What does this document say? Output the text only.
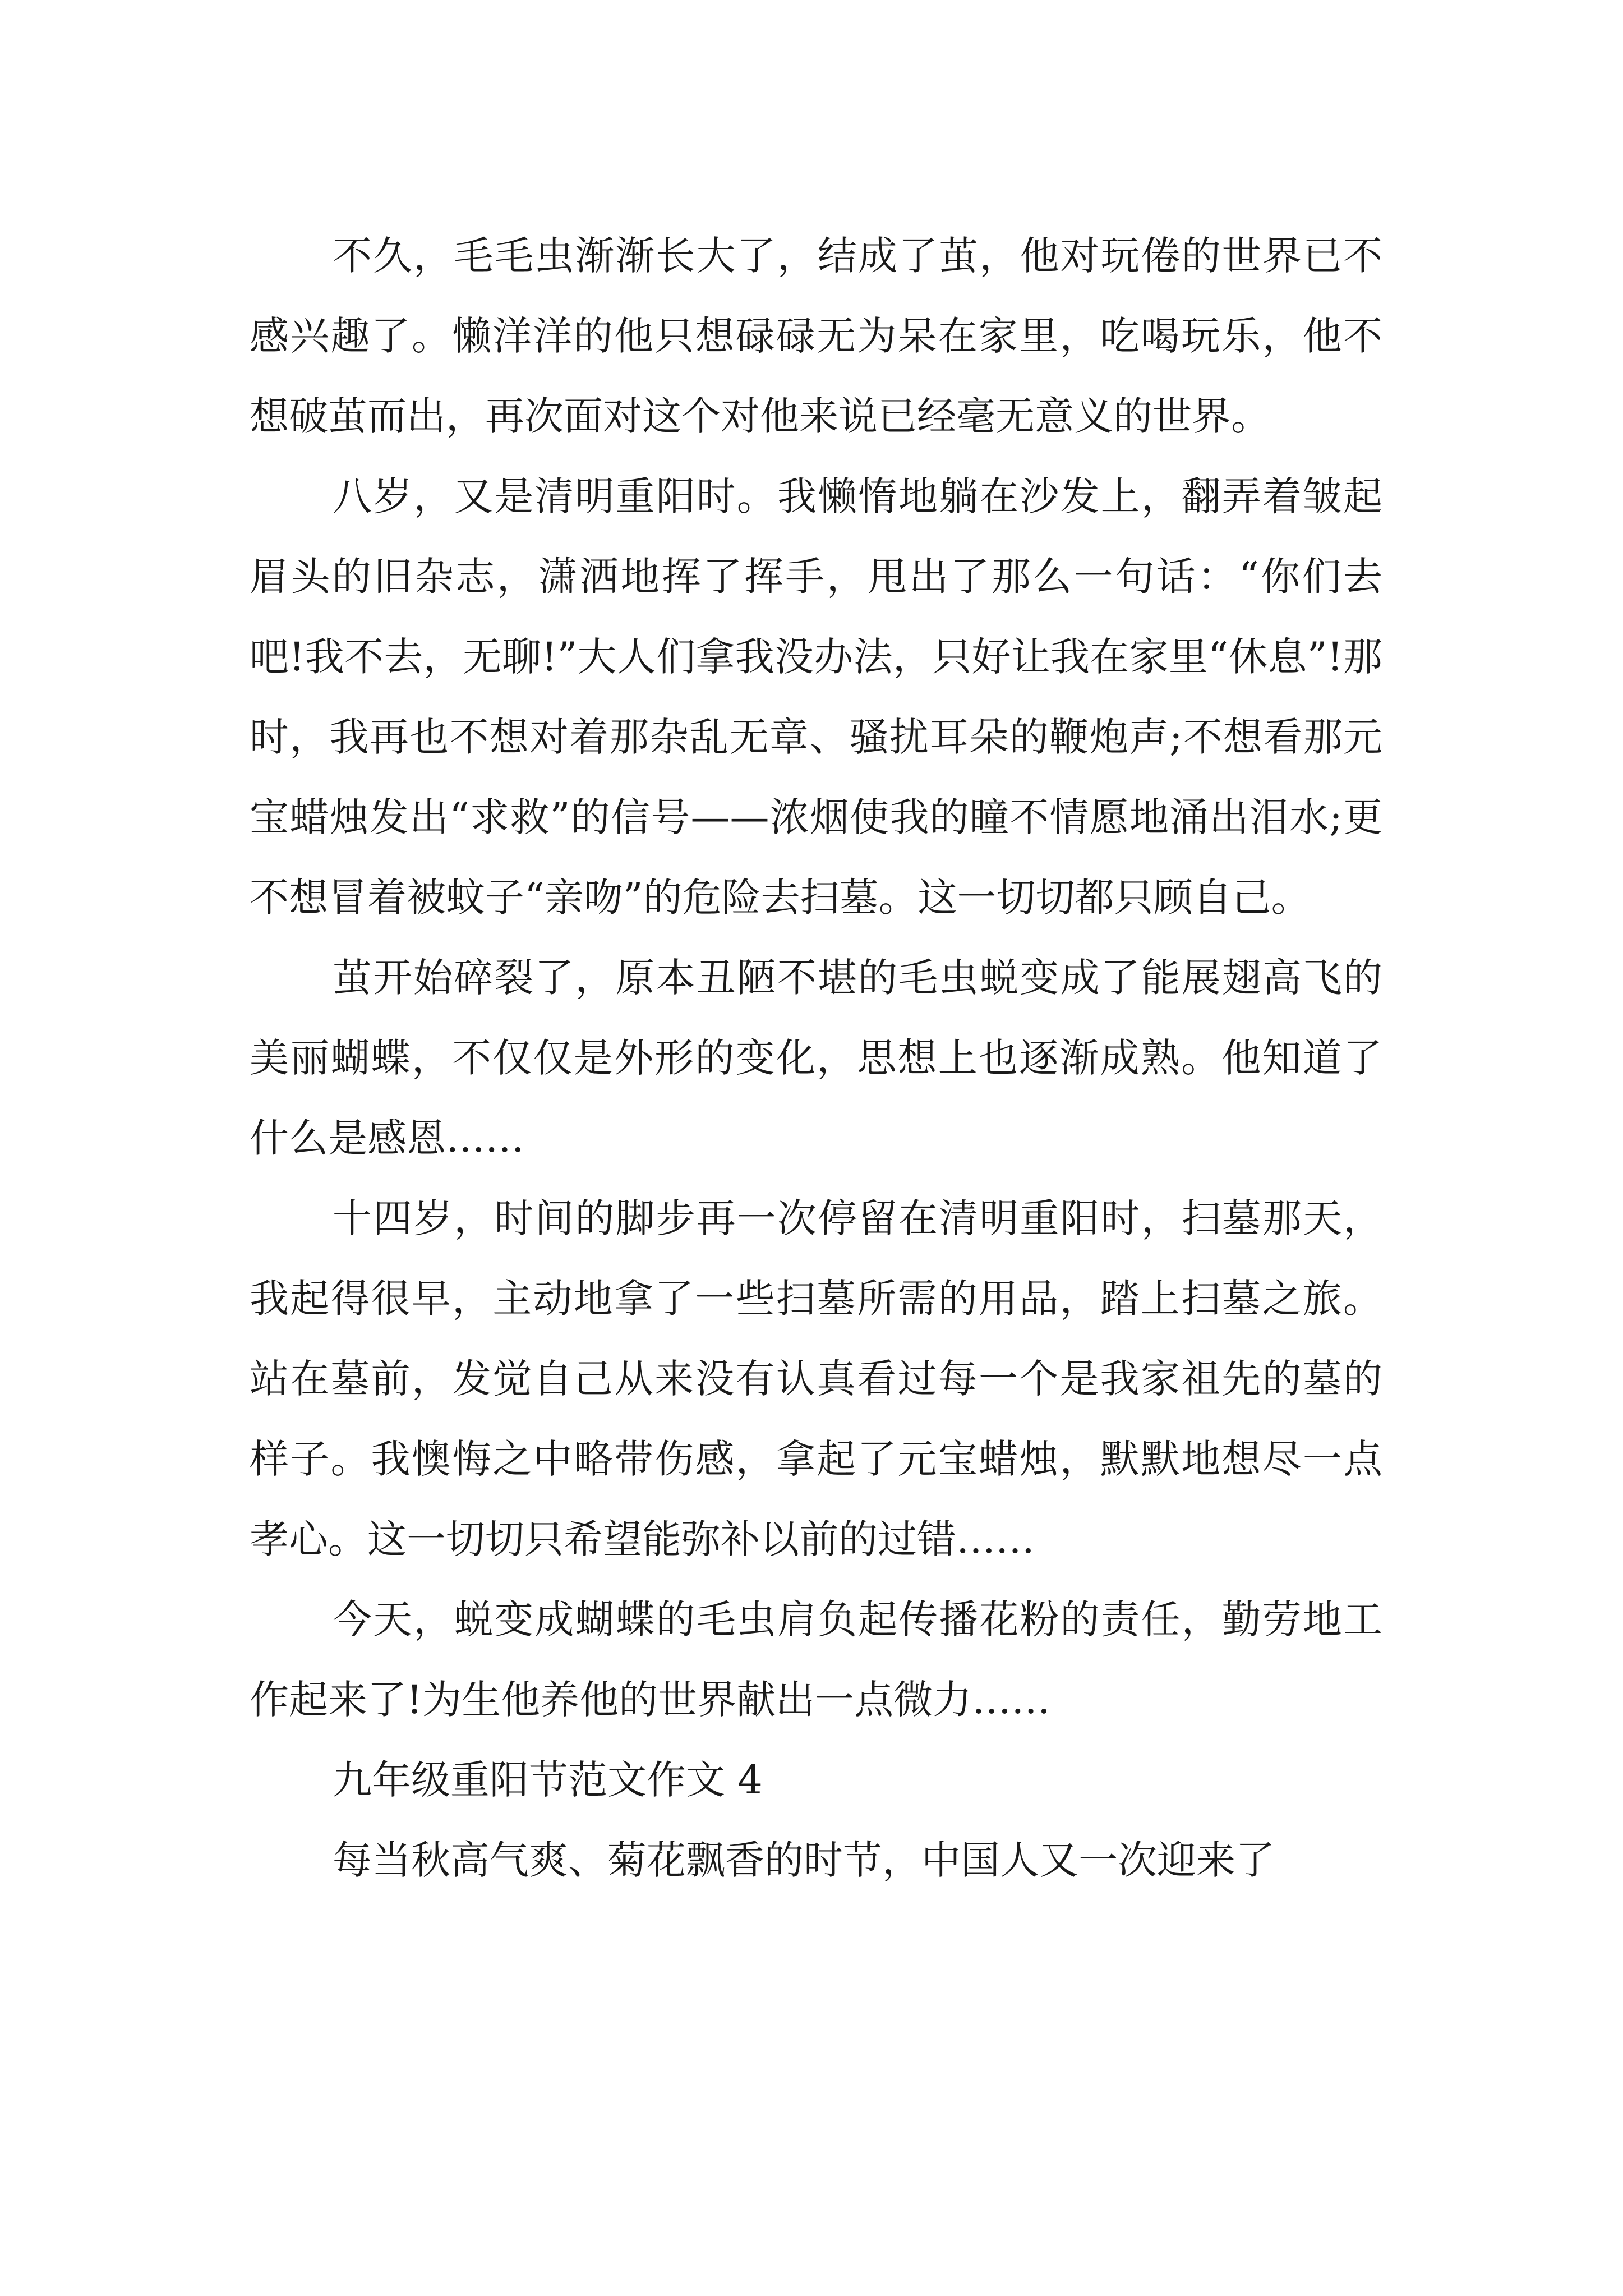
不久，毛毛虫渐渐长大了，结成了茧，他对玩倦的世界已不感兴趣了。懒洋洋的他只想碌碌无为呆在家里，吃喝玩乐，他不想破茧而出，再次面对这个对他来说已经毫无意义的世界。

八岁，又是清明重阳时。我懒惰地躺在沙发上，翻弄着皱起眉头的旧杂志，潇洒地挥了挥手，甩出了那么一句话：“你们去吧!我不去，无聊!”大人们拿我没办法，只好让我在家里“休息”!那时，我再也不想对着那杂乱无章、骚扰耳朵的鞭炮声;不想看那元宝蜡烛发出“求救”的信号——浓烟使我的瞳不情愿地涌出泪水;更不想冒着被蚊子“亲吻”的危险去扫墓。这一切切都只顾自己。

茧开始碎裂了，原本丑陋不堪的毛虫蜕变成了能展翅高飞的美丽蝴蝶，不仅仅是外形的变化，思想上也逐渐成熟。他知道了什么是感恩……

十四岁，时间的脚步再一次停留在清明重阳时，扫墓那天，我起得很早，主动地拿了一些扫墓所需的用品，踏上扫墓之旅。站在墓前，发觉自己从来没有认真看过每一个是我家祖先的墓的样子。我懊悔之中略带伤感，拿起了元宝蜡烛，默默地想尽一点孝心。这一切切只希望能弥补以前的过错……

今天，蜕变成蝴蝶的毛虫肩负起传播花粉的责任，勤劳地工作起来了!为生他养他的世界献出一点微力……

九年级重阳节范文作文 4

每当秋高气爽、菊花飘香的时节，中国人又一次迎来了
